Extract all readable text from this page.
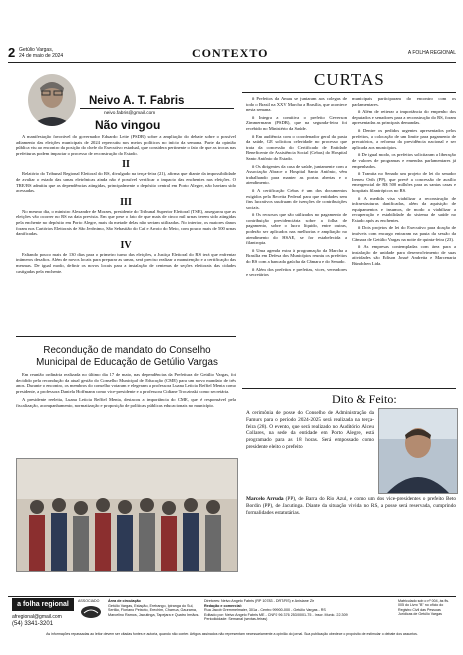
2 Getúlio Vargas,
24 de maio de 2024	CONTEXTO	A FOLHA REGIONAL
Neivo A. T. Fabris
neivo.fabris@gmail.com
Não vingou

A manifestação favorável do governador Eduardo Leite (PSDB) sobre a ampliação do debate sobre o possível adiamento das eleições municipais de 2024 repercutiu nos meios políticos no início da semana. Parte da opinião pública viu ao encontro da posição do chefe do Executivo estadual, que considera pertinente o fato de que as trocas nas prefeituras podem impactar o processo de reconstrução do Estado.

II

Relatório do Tribunal Regional Eleitoral do RS, divulgado na terça-feira (21), afirma que diante da impossibilidade de avaliar o estado das urnas eletrônicas ainda não é possível verificar o impacto das enchentes nas eleições. O TRE/RS admitiu que as dependências atingidas, principalmente o depósito central em Porto Alegre, não haviam sido acessadas.

III

No mesmo dia, o ministro Alexandre de Moraes, presidente do Tribunal Superior Eleitoral (TSE), assegurou que as eleições vão ocorrer no RS na data prevista. Em que pese o fato de que mais de cinco mil urnas terem sido atingidas pela enchente no depósito em Porto Alegre, mais da metade delas não seriam utilizadas. No interior, os maiores danos foram nos Cartórios Eleitorais de São Jerônimo, São Sebastião do Caí e Arroio do Meio, com pouco mais de 500 urnas danificadas.

IV

Faltando pouco mais de 130 dias para o primeiro turno das eleições, a Justiça Eleitoral do RS terá que enfrentar inúmeros desafios. Além de novos locais para preparar as urnas, será preciso realizar a manutenção e a certificação das mesmas. De igual modo, definir os novos locais para a instalação de centenas de seções eleitorais das cidades castigadas pela enchente.

Recondução de mandato do Conselho Municipal de Educação de Getúlio Vargas

Em reunião ordinária realizada no último dia 17 de maio, nas dependências da Prefeitura de Getúlio Vargas, foi decidido pela recondução da atual gestão do Conselho Municipal de Educação (CME) para um novo mandato de três anos. Durante o encontro, os membros do conselho votaram e elegeram a professora Luana Leticia Reffiel Menta como presidente, a professora Daniela Hoffmann como vice-presidente e a professora Cidiane Troczinski como secretária.

A presidente reeleita, Luana Leticia Reffiel Menta, destacou a importância do CME, que é responsável pela fiscalização, acompanhamento, normatização e proposição de políticas públicas educacionais no município.

CURTAS

# Prefeitos da Amau se juntaram aos colegas de todo o Brasil na XXV Marcha a Brasília, que acontece nesta semana.

# Integra a comitiva o prefeito Geverson Zimmermann (PSDB), que na segunda-feira foi recebido no Ministério da Saúde.

# Em audiência com o coordenador geral da pasta da saúde, GE solicitou celeridade no processo que trata da concessão do Certificado de Entidade Beneficente de Assistência Social (Cebas) do Hospital Santo Antônio do Estado.

# Os dirigentes da casa de saúde, juntamente com a Associação Abrace o Hospital Santo Antônio, vêm trabalhando para manter as portas abertas e o atendimento.

# A certificação Cebas é um dos documentos exigidos pela Receita Federal para que entidades sem fins lucrativos usufruam de isenções de contribuições sociais.

# Os recursos que são utilizados no pagamento de contribuição previdenciária sobre a folha de pagamento, sobre o lucro líquido, entre outras, poderão ser aplicados nas melhorias e ampliação no atendimento do HSAE, se for estabelecida a filantropia.

# Uma agenda extra à programação da Marcha a Brasília em Defesa dos Municípios reuniu os prefeitos do RS com a bancada gaúcha da Câmara e do Senado.

# Além dos prefeitos e prefeitas, vices, vereadores e secretários

municipais participaram do encontro com os parlamentares.

# Além de reiterar a importância do empenho dos deputados e senadores para a reconstrução do RS, foram apresentadas as principais demandas.

# Dentre os pedidos urgentes apresentados pelos prefeitos, a colocação de um limite para pagamento de precatórios, a reforma da previdência nacional e ser aplicada aos municípios.

# De igual modo, os prefeitos solicitaram a liberação de valores de programas e emendas parlamentares já empenhados.

# Tramita no Senado um projeto de lei do senador Ireneu Orth (PP), que prevê a concessão de auxílio emergencial de R$ 500 milhões para as santas casas e hospitais filantrópicos no RS.

# A medida visa viabilizar a reconstrução de infraestruturas danificadas, além da aquisição de equipamentos e insumos, de modo a viabilizar a recuperação e estabilidade do sistema de saúde no Estado após as enchentes.

# Dois projetos de lei do Executivo para doação de imóveis com encargo entraram na pauta da sessão da Câmara de Getúlio Vargas na noite de quinta-feira (23).

# As empresas contempladas com área para a instalação de unidade para desenvolvimento de suas atividades são Edison Josué Andretta e Marcenaria Bündchen Ltda.

Dito & Feito:
A cerimônia de posse do Conselho de Administração da Famurs para o período 2024-2025 será realizada na terça-feira (28). O evento, que será realizado no Auditório Alceu Collares, na sede da entidade em Porto Alegre, está programado para as 18 horas. Será empossado como presidente eleito o prefeito
Marcelo Arruda (PP), de Barra do Rio Azul, e como um dos vice-presidentes o prefeito Beto Bordin (PP), de Jacutinga. Diante da situação vivida no RS, a posse será reservada, cumprindo formalidades estatutárias.
a folha regional	ASSOCIADO
afregional@gmail.com
(54) 3341-3201
Área de circulação
Getúlio Vargas, Estação, Erebango, Ipiranga do Sul, Sertão, Floriano Peixoto, Erechim, Charrua, Gaurama, Marcelino Ramos, Jacutinga, Tapejara e Quatro Irmãos.
Diretores: Neivo Angelo Fabris (RP 10783 - DRT/RS) e Anisiane Zir
Redação e comercial:
Rua Jacob Gremmelmaier, 301a - Centro 99900-000 - Getúlio Vargas - RS
Editado por: Neivo Angelo Fabris ME - CNPJ 96 376 253/0001-75 - Inscr. Munic. 22.309
Periodicidade: Semanal (sextas-feiras)
Matriculado sob o nº 004, às fls. 005 do Livro "B" no ofício do Registro Civil das Pessoas Jurídicas de Getúlio Vargas
As informações repassadas ao leitor devem ser citadas fontes e autoria, quando não conter. Artigos assinados não representam necessariamente a opinião do jornal. Sua publicação obedece o propósito de estimular o debate dos assuntos.
